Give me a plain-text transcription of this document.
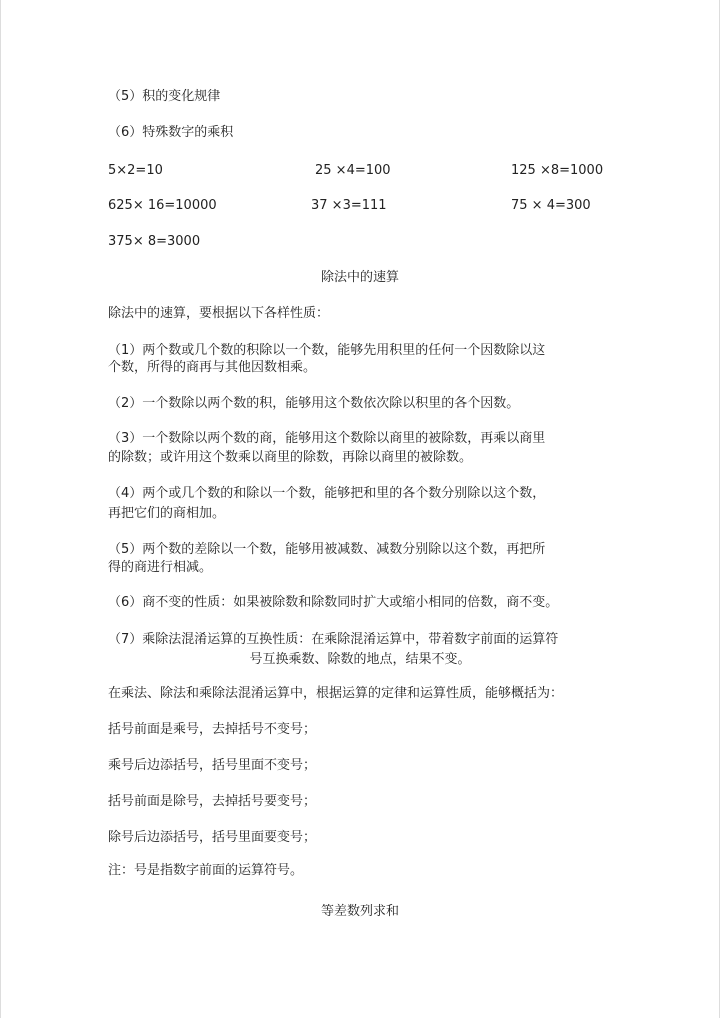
（5）积的变化规律
（6）特殊数字的乘积
5×2=10	25 ×4=100	125 ×8=1000
625× 16=10000	37 ×3=111	75 × 4=300
375× 8=3000
除法中的速算
除法中的速算，要根据以下各样性质：
（1）两个数或几个数的积除以一个数，能够先用积里的任何一个因数除以这
个数，所得的商再与其他因数相乘。
（2）一个数除以两个数的积，能够用这个数依次除以积里的各个因数。
（3）一个数除以两个数的商，能够用这个数除以商里的被除数，再乘以商里
的除数；或许用这个数乘以商里的除数，再除以商里的被除数。
（4）两个或几个数的和除以一个数，能够把和里的各个数分别除以这个数，
再把它们的商相加。
（5）两个数的差除以一个数，能够用被减数、减数分别除以这个数，再把所
得的商进行相减。
（6）商不变的性质：如果被除数和除数同时扩大或缩小相同的倍数，商不变。
（7）乘除法混淆运算的互换性质：在乘除混淆运算中，带着数字前面的运算符
号互换乘数、除数的地点，结果不变。
在乘法、除法和乘除法混淆运算中，根据运算的定律和运算性质，能够概括为：
括号前面是乘号，去掉括号不变号；
乘号后边添括号，括号里面不变号；
括号前面是除号，去掉括号要变号；
除号后边添括号，括号里面要变号；
注：号是指数字前面的运算符号。
等差数列求和
